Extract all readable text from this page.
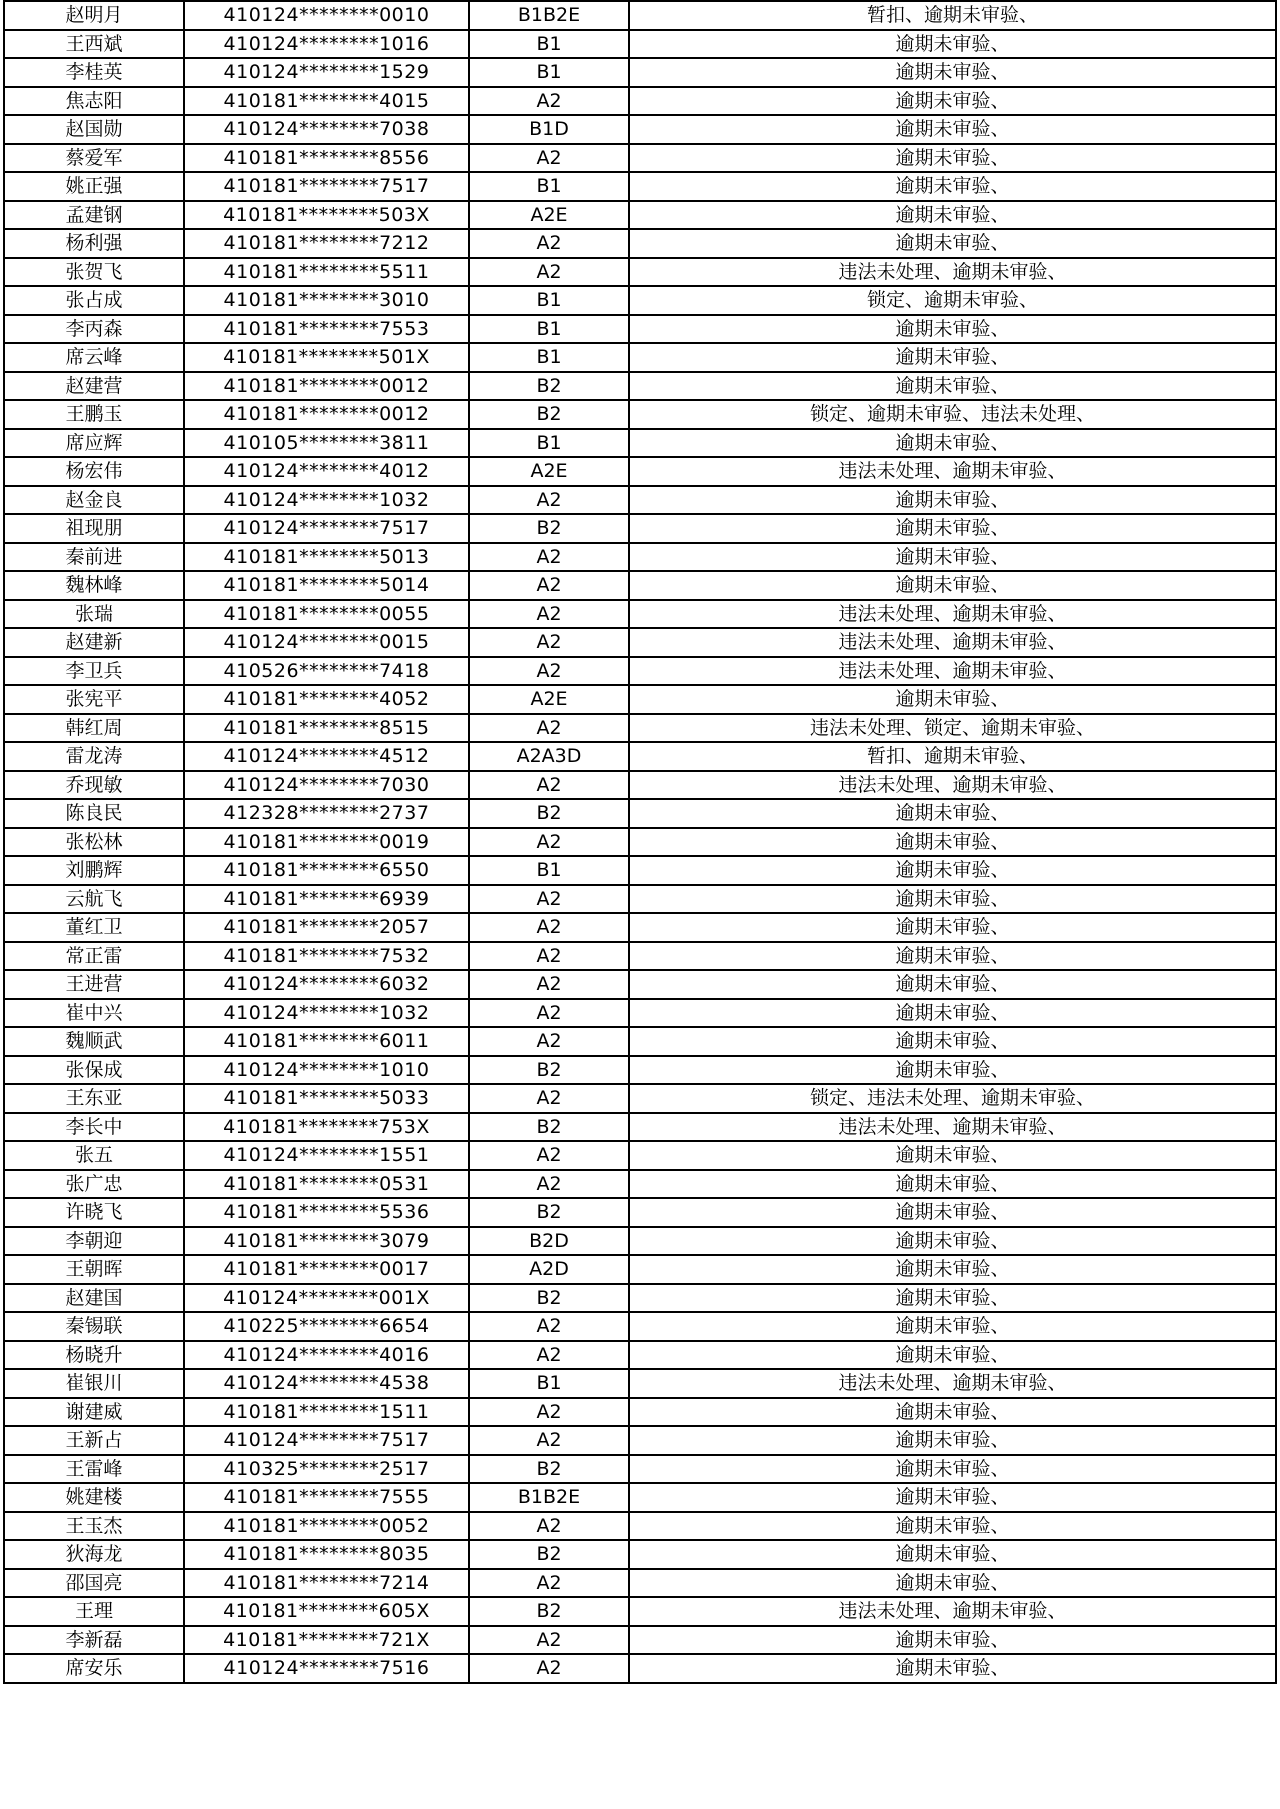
赵明月	410124********0010	B1B2E	暂扣、逾期未审验、
王西斌	410124********1016	B1	逾期未审验、
李桂英	410124********1529	B1	逾期未审验、
焦志阳	410181********4015	A2	逾期未审验、
赵国勋	410124********7038	B1D	逾期未审验、
蔡爱军	410181********8556	A2	逾期未审验、
姚正强	410181********7517	B1	逾期未审验、
孟建钢	410181********503X	A2E	逾期未审验、
杨利强	410181********7212	A2	逾期未审验、
张贺飞	410181********5511	A2	违法未处理、逾期未审验、
张占成	410181********3010	B1	锁定、逾期未审验、
李丙森	410181********7553	B1	逾期未审验、
席云峰	410181********501X	B1	逾期未审验、
赵建营	410181********0012	B2	逾期未审验、
王鹏玉	410181********0012	B2	锁定、逾期未审验、违法未处理、
席应辉	410105********3811	B1	逾期未审验、
杨宏伟	410124********4012	A2E	违法未处理、逾期未审验、
赵金良	410124********1032	A2	逾期未审验、
祖现朋	410124********7517	B2	逾期未审验、
秦前进	410181********5013	A2	逾期未审验、
魏林峰	410181********5014	A2	逾期未审验、
张瑞	410181********0055	A2	违法未处理、逾期未审验、
赵建新	410124********0015	A2	违法未处理、逾期未审验、
李卫兵	410526********7418	A2	违法未处理、逾期未审验、
张宪平	410181********4052	A2E	逾期未审验、
韩红周	410181********8515	A2	违法未处理、锁定、逾期未审验、
雷龙涛	410124********4512	A2A3D	暂扣、逾期未审验、
乔现敏	410124********7030	A2	违法未处理、逾期未审验、
陈良民	412328********2737	B2	逾期未审验、
张松林	410181********0019	A2	逾期未审验、
刘鹏辉	410181********6550	B1	逾期未审验、
云航飞	410181********6939	A2	逾期未审验、
董红卫	410181********2057	A2	逾期未审验、
常正雷	410181********7532	A2	逾期未审验、
王进营	410124********6032	A2	逾期未审验、
崔中兴	410124********1032	A2	逾期未审验、
魏顺武	410181********6011	A2	逾期未审验、
张保成	410124********1010	B2	逾期未审验、
王东亚	410181********5033	A2	锁定、违法未处理、逾期未审验、
李长中	410181********753X	B2	违法未处理、逾期未审验、
张五	410124********1551	A2	逾期未审验、
张广忠	410181********0531	A2	逾期未审验、
许晓飞	410181********5536	B2	逾期未审验、
李朝迎	410181********3079	B2D	逾期未审验、
王朝晖	410181********0017	A2D	逾期未审验、
赵建国	410124********001X	B2	逾期未审验、
秦锡联	410225********6654	A2	逾期未审验、
杨晓升	410124********4016	A2	逾期未审验、
崔银川	410124********4538	B1	违法未处理、逾期未审验、
谢建威	410181********1511	A2	逾期未审验、
王新占	410124********7517	A2	逾期未审验、
王雷峰	410325********2517	B2	逾期未审验、
姚建楼	410181********7555	B1B2E	逾期未审验、
王玉杰	410181********0052	A2	逾期未审验、
狄海龙	410181********8035	B2	逾期未审验、
邵国亮	410181********7214	A2	逾期未审验、
王理	410181********605X	B2	违法未处理、逾期未审验、
李新磊	410181********721X	A2	逾期未审验、
席安乐	410124********7516	A2	逾期未审验、
